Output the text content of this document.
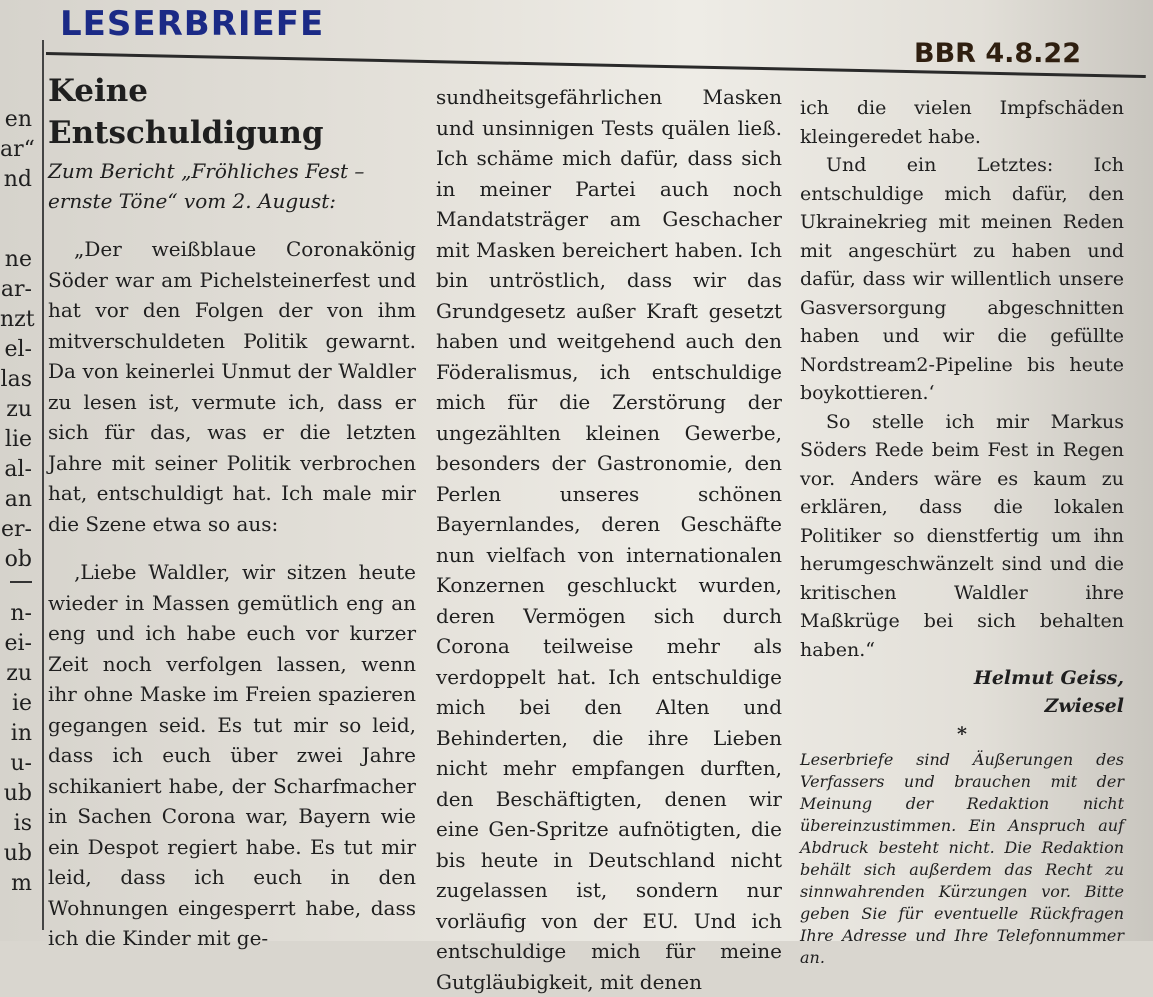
LESERBRIEFE
BBR 4.8.22
en
ar“
nd
ne
ar-
nzt
el-
las
zu
lie
al-
an
er-
ob
n-
ei-
zu
ie
in
u-
ub
is
ub
m

Keine Entschuldigung

Zum Bericht „Fröhliches Fest – ernste Töne“ vom 2. August:

„Der weißblaue Coronakönig Söder war am Pichelsteinerfest und hat vor den Folgen der von ihm mitverschuldeten Politik gewarnt. Da von keinerlei Unmut der Waldler zu lesen ist, vermute ich, dass er sich für das, was er die letzten Jahre mit seiner Politik verbrochen hat, entschuldigt hat. Ich male mir die Szene etwa so aus:

‚Liebe Waldler, wir sitzen heute wieder in Massen gemütlich eng an eng und ich habe euch vor kurzer Zeit noch verfolgen lassen, wenn ihr ohne Maske im Freien spazieren gegangen seid. Es tut mir so leid, dass ich euch über zwei Jahre schikaniert habe, der Scharfmacher in Sachen Corona war, Bayern wie ein Despot regiert habe. Es tut mir leid, dass ich euch in den Wohnungen eingesperrt habe, dass ich die Kinder mit ge-

sundheitsgefährlichen Masken und unsinnigen Tests quälen ließ. Ich schäme mich dafür, dass sich in meiner Partei auch noch Mandatsträger am Geschacher mit Masken bereichert haben. Ich bin untröstlich, dass wir das Grundgesetz außer Kraft gesetzt haben und weitgehend auch den Föderalismus, ich entschuldige mich für die Zerstörung der ungezählten kleinen Gewerbe, besonders der Gastronomie, den Perlen unseres schönen Bayernlandes, deren Geschäfte nun vielfach von internationalen Konzernen geschluckt wurden, deren Vermögen sich durch Corona teilweise mehr als verdoppelt hat. Ich entschuldige mich bei den Alten und Behinderten, die ihre Lieben nicht mehr empfangen durften, den Beschäftigten, denen wir eine Gen-Spritze aufnötigten, die bis heute in Deutschland nicht zugelassen ist, sondern nur vorläufig von der EU. Und ich entschuldige mich für meine Gutgläubigkeit, mit denen

ich die vielen Impfschäden kleingeredet habe.

Und ein Letztes: Ich entschuldige mich dafür, den Ukrainekrieg mit meinen Reden mit angeschürt zu haben und dafür, dass wir willentlich unsere Gasversorgung abgeschnitten haben und wir die gefüllte Nordstream2-Pipeline bis heute boykottieren.‘

So stelle ich mir Markus Söders Rede beim Fest in Regen vor. Anders wäre es kaum zu erklären, dass die lokalen Politiker so dienstfertig um ihn herumgeschwänzelt sind und die kritischen Waldler ihre Maßkrüge bei sich behalten haben.“

Helmut Geiss,

Zwiesel

*

Leserbriefe sind Äußerungen des Verfassers und brauchen mit der Meinung der Redaktion nicht übereinzustimmen. Ein Anspruch auf Abdruck besteht nicht. Die Redaktion behält sich außerdem das Recht zu sinnwahrenden Kürzungen vor. Bitte geben Sie für eventuelle Rückfragen Ihre Adresse und Ihre Telefonnummer an.
